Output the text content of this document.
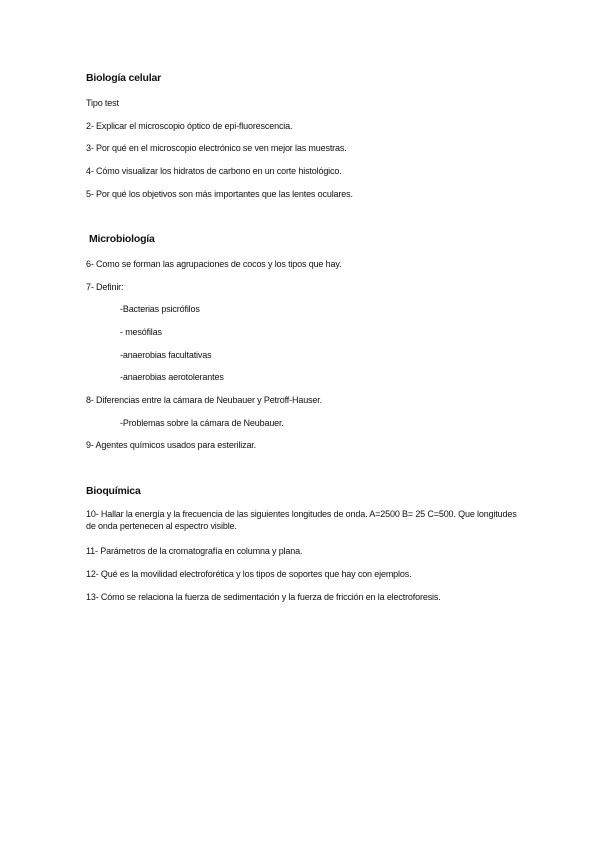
Biología celular
Tipo test
2- Explicar el microscopio óptico de epi-fluorescencia.
3- Por qué en el microscopio electrónico se ven mejor las muestras.
4- Cómo visualizar los hidratos de carbono en un corte histológico.
5- Por qué los objetivos son más importantes que las lentes oculares.
Microbiología
6- Como se forman las agrupaciones de cocos y los tipos que hay.
7- Definir:
-Bacterias psicrófilos
- mesófilas
-anaerobias facultativas
-anaerobias aerotolerantes
8- Diferencias entre la cámara de Neubauer y Petroff-Hauser.
-Problemas sobre la cámara de Neubauer.
9- Agentes químicos usados para esterilizar.
Bioquímica
10- Hallar la energía y la frecuencia de las siguientes longitudes de onda. A=2500 B= 25 C=500. Que longitudes de onda pertenecen al espectro visible.
11- Parámetros de la cromatografía en columna y plana.
12- Qué es la movilidad electroforética y los tipos de soportes que hay con ejemplos.
13- Cómo se relaciona la fuerza de sedimentación y la fuerza de fricción en la electroforesis.
